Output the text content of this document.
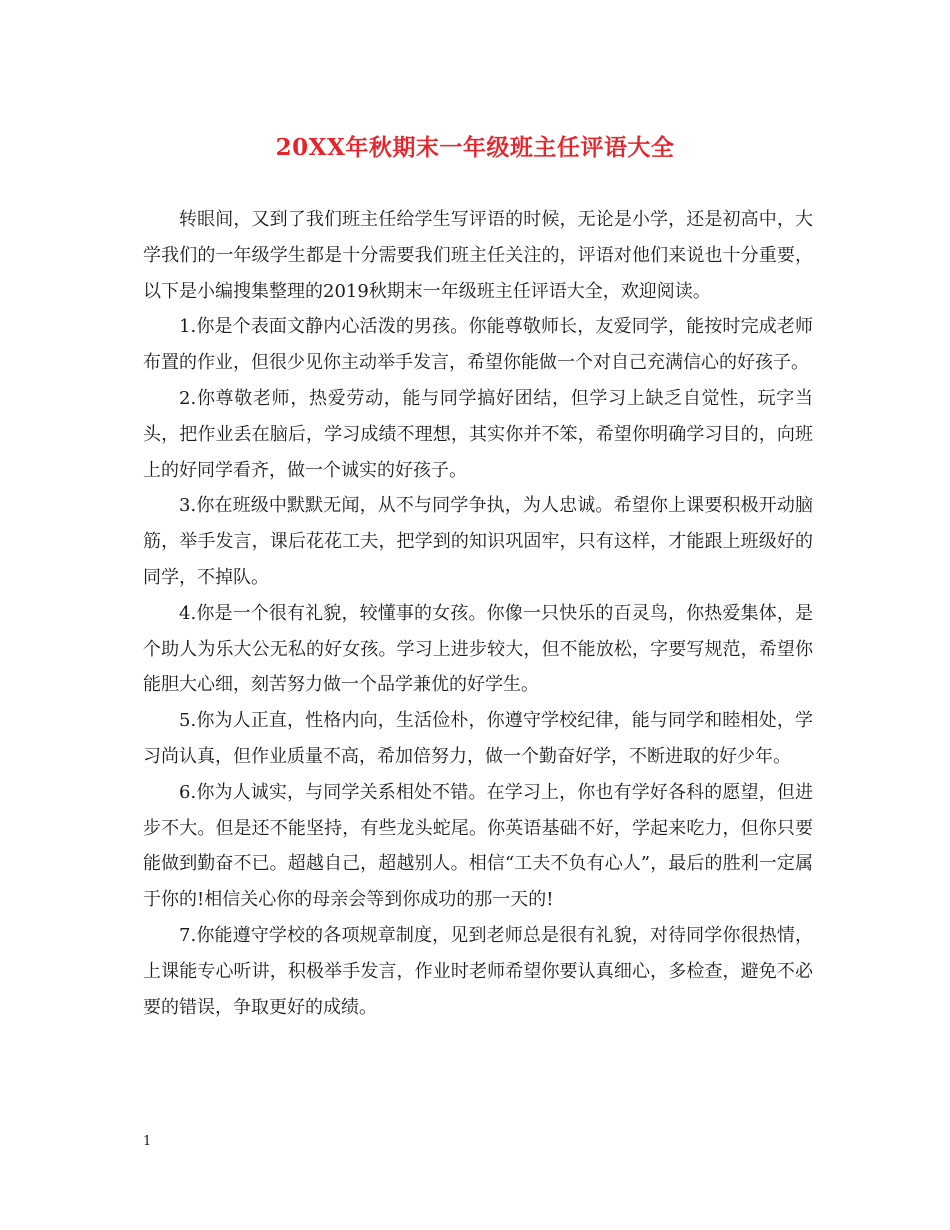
20XX年秋期末一年级班主任评语大全

转眼间，又到了我们班主任给学生写评语的时候，无论是小学，还是初高中，大学我们的一年级学生都是十分需要我们班主任关注的，评语对他们来说也十分重要，以下是小编搜集整理的2019秋期末一年级班主任评语大全，欢迎阅读。

1.你是个表面文静内心活泼的男孩。你能尊敬师长，友爱同学，能按时完成老师布置的作业，但很少见你主动举手发言，希望你能做一个对自己充满信心的好孩子。

2.你尊敬老师，热爱劳动，能与同学搞好团结，但学习上缺乏自觉性，玩字当头，把作业丢在脑后，学习成绩不理想，其实你并不笨，希望你明确学习目的，向班上的好同学看齐，做一个诚实的好孩子。

3.你在班级中默默无闻，从不与同学争执，为人忠诚。希望你上课要积极开动脑筋，举手发言，课后花花工夫，把学到的知识巩固牢，只有这样，才能跟上班级好的同学，不掉队。

4.你是一个很有礼貌，较懂事的女孩。你像一只快乐的百灵鸟，你热爱集体，是个助人为乐大公无私的好女孩。学习上进步较大，但不能放松，字要写规范，希望你能胆大心细，刻苦努力做一个品学兼优的好学生。

5.你为人正直，性格内向，生活俭朴，你遵守学校纪律，能与同学和睦相处，学习尚认真，但作业质量不高，希加倍努力，做一个勤奋好学，不断进取的好少年。

6.你为人诚实，与同学关系相处不错。在学习上，你也有学好各科的愿望，但进步不大。但是还不能坚持，有些龙头蛇尾。你英语基础不好，学起来吃力，但你只要能做到勤奋不已。超越自己，超越别人。相信“工夫不负有心人”，最后的胜利一定属于你的!相信关心你的母亲会等到你成功的那一天的!

7.你能遵守学校的各项规章制度，见到老师总是很有礼貌，对待同学你很热情，上课能专心听讲，积极举手发言，作业时老师希望你要认真细心，多检查，避免不必要的错误，争取更好的成绩。

1
